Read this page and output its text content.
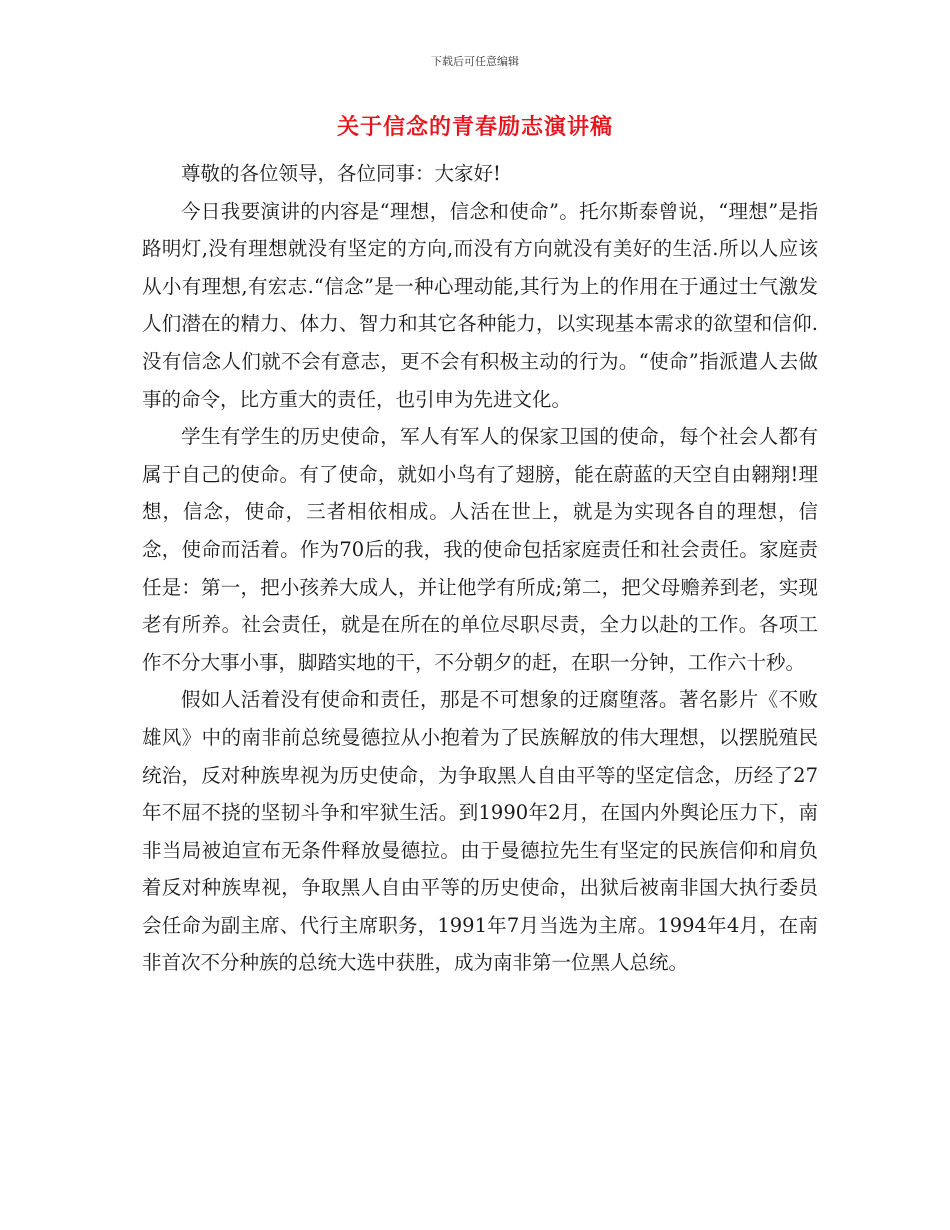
下载后可任意编辑
关于信念的青春励志演讲稿

尊敬的各位领导，各位同事：大家好!

今日我要演讲的内容是“理想，信念和使命”。托尔斯泰曾说，“理想”是指路明灯,没有理想就没有坚定的方向,而没有方向就没有美好的生活.所以人应该从小有理想,有宏志.“信念”是一种心理动能,其行为上的作用在于通过士气激发人们潜在的精力、体力、智力和其它各种能力，以实现基本需求的欲望和信仰.没有信念人们就不会有意志，更不会有积极主动的行为。“使命”指派遣人去做事的命令，比方重大的责任，也引申为先进文化。

学生有学生的历史使命，军人有军人的保家卫国的使命，每个社会人都有属于自己的使命。有了使命，就如小鸟有了翅膀，能在蔚蓝的天空自由翱翔!理想，信念，使命，三者相依相成。人活在世上，就是为实现各自的理想，信念，使命而活着。作为70后的我，我的使命包括家庭责任和社会责任。家庭责任是：第一，把小孩养大成人，并让他学有所成;第二，把父母赡养到老，实现老有所养。社会责任，就是在所在的单位尽职尽责，全力以赴的工作。各项工作不分大事小事，脚踏实地的干，不分朝夕的赶，在职一分钟，工作六十秒。

假如人活着没有使命和责任，那是不可想象的迂腐堕落。著名影片《不败雄风》中的南非前总统曼德拉从小抱着为了民族解放的伟大理想，以摆脱殖民统治，反对种族卑视为历史使命，为争取黑人自由平等的坚定信念，历经了27年不屈不挠的坚韧斗争和牢狱生活。到1990年2月，在国内外舆论压力下，南非当局被迫宣布无条件释放曼德拉。由于曼德拉先生有坚定的民族信仰和肩负着反对种族卑视，争取黑人自由平等的历史使命，出狱后被南非国大执行委员会任命为副主席、代行主席职务，1991年7月当选为主席。1994年4月，在南非首次不分种族的总统大选中获胜，成为南非第一位黑人总统。
